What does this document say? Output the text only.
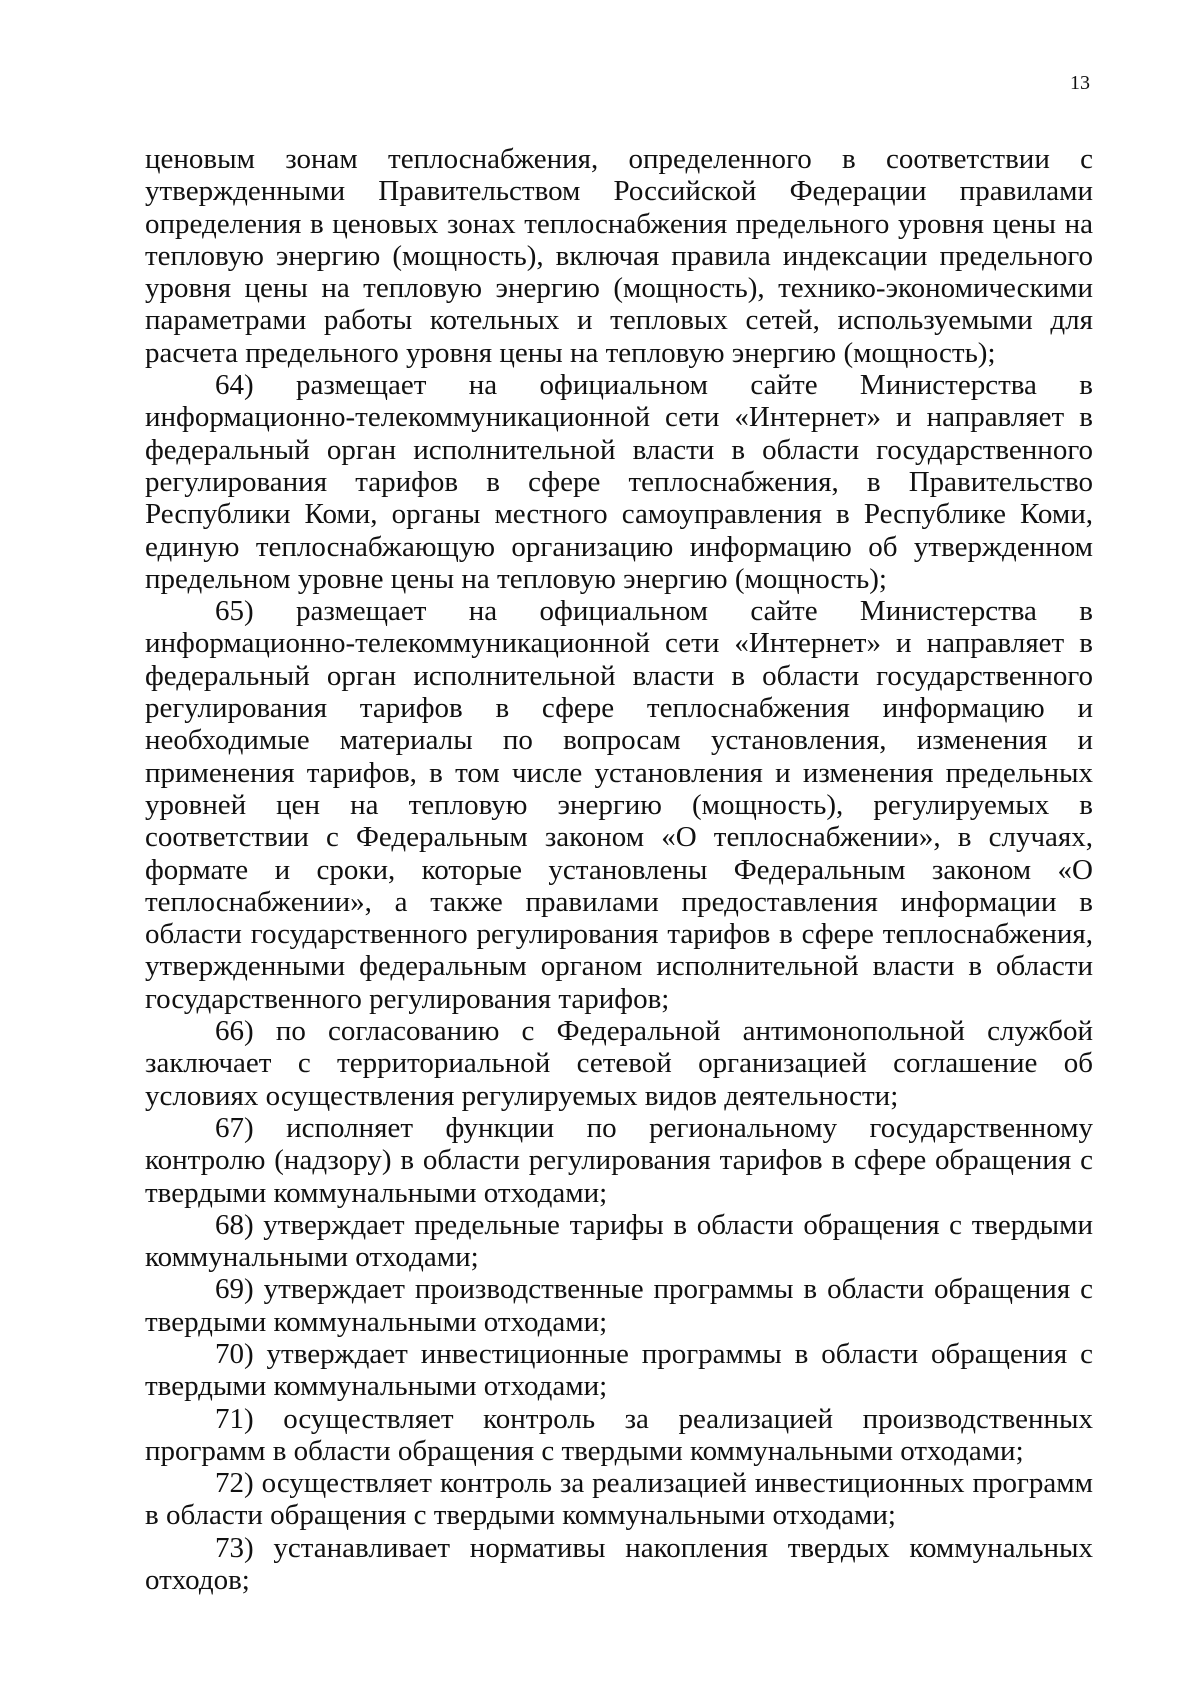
13

ценовым зонам теплоснабжения, определенного в соответствии с утвержденными Правительством Российской Федерации правилами определения в ценовых зонах теплоснабжения предельного уровня цены на тепловую энергию (мощность), включая правила индексации предельного уровня цены на тепловую энергию (мощность), технико-экономическими параметрами работы котельных и тепловых сетей, используемыми для расчета предельного уровня цены на тепловую энергию (мощность);

64) размещает на официальном сайте Министерства в информационно-телекоммуникационной сети «Интернет» и направляет в федеральный орган исполнительной власти в области государственного регулирования тарифов в сфере теплоснабжения, в Правительство Республики Коми, органы местного самоуправления в Республике Коми, единую теплоснабжающую организацию информацию об утвержденном предельном уровне цены на тепловую энергию (мощность);

65) размещает на официальном сайте Министерства в информационно-телекоммуникационной сети «Интернет» и направляет в федеральный орган исполнительной власти в области государственного регулирования тарифов в сфере теплоснабжения информацию и необходимые материалы по вопросам установления, изменения и применения тарифов, в том числе установления и изменения предельных уровней цен на тепловую энергию (мощность), регулируемых в соответствии с Федеральным законом «О теплоснабжении», в случаях, формате и сроки, которые установлены Федеральным законом «О теплоснабжении», а также правилами предоставления информации в области государственного регулирования тарифов в сфере теплоснабжения, утвержденными федеральным органом исполнительной власти в области государственного регулирования тарифов;

66) по согласованию с Федеральной антимонопольной службой заключает с территориальной сетевой организацией соглашение об условиях осуществления регулируемых видов деятельности;

67) исполняет функции по региональному государственному контролю (надзору) в области регулирования тарифов в сфере обращения с твердыми коммунальными отходами;

68) утверждает предельные тарифы в области обращения с твердыми коммунальными отходами;

69) утверждает производственные программы в области обращения с твердыми коммунальными отходами;

70) утверждает инвестиционные программы в области обращения с твердыми коммунальными отходами;

71) осуществляет контроль за реализацией производственных программ в области обращения с твердыми коммунальными отходами;

72) осуществляет контроль за реализацией инвестиционных программ в области обращения с твердыми коммунальными отходами;

73) устанавливает нормативы накопления твердых коммунальных отходов;
